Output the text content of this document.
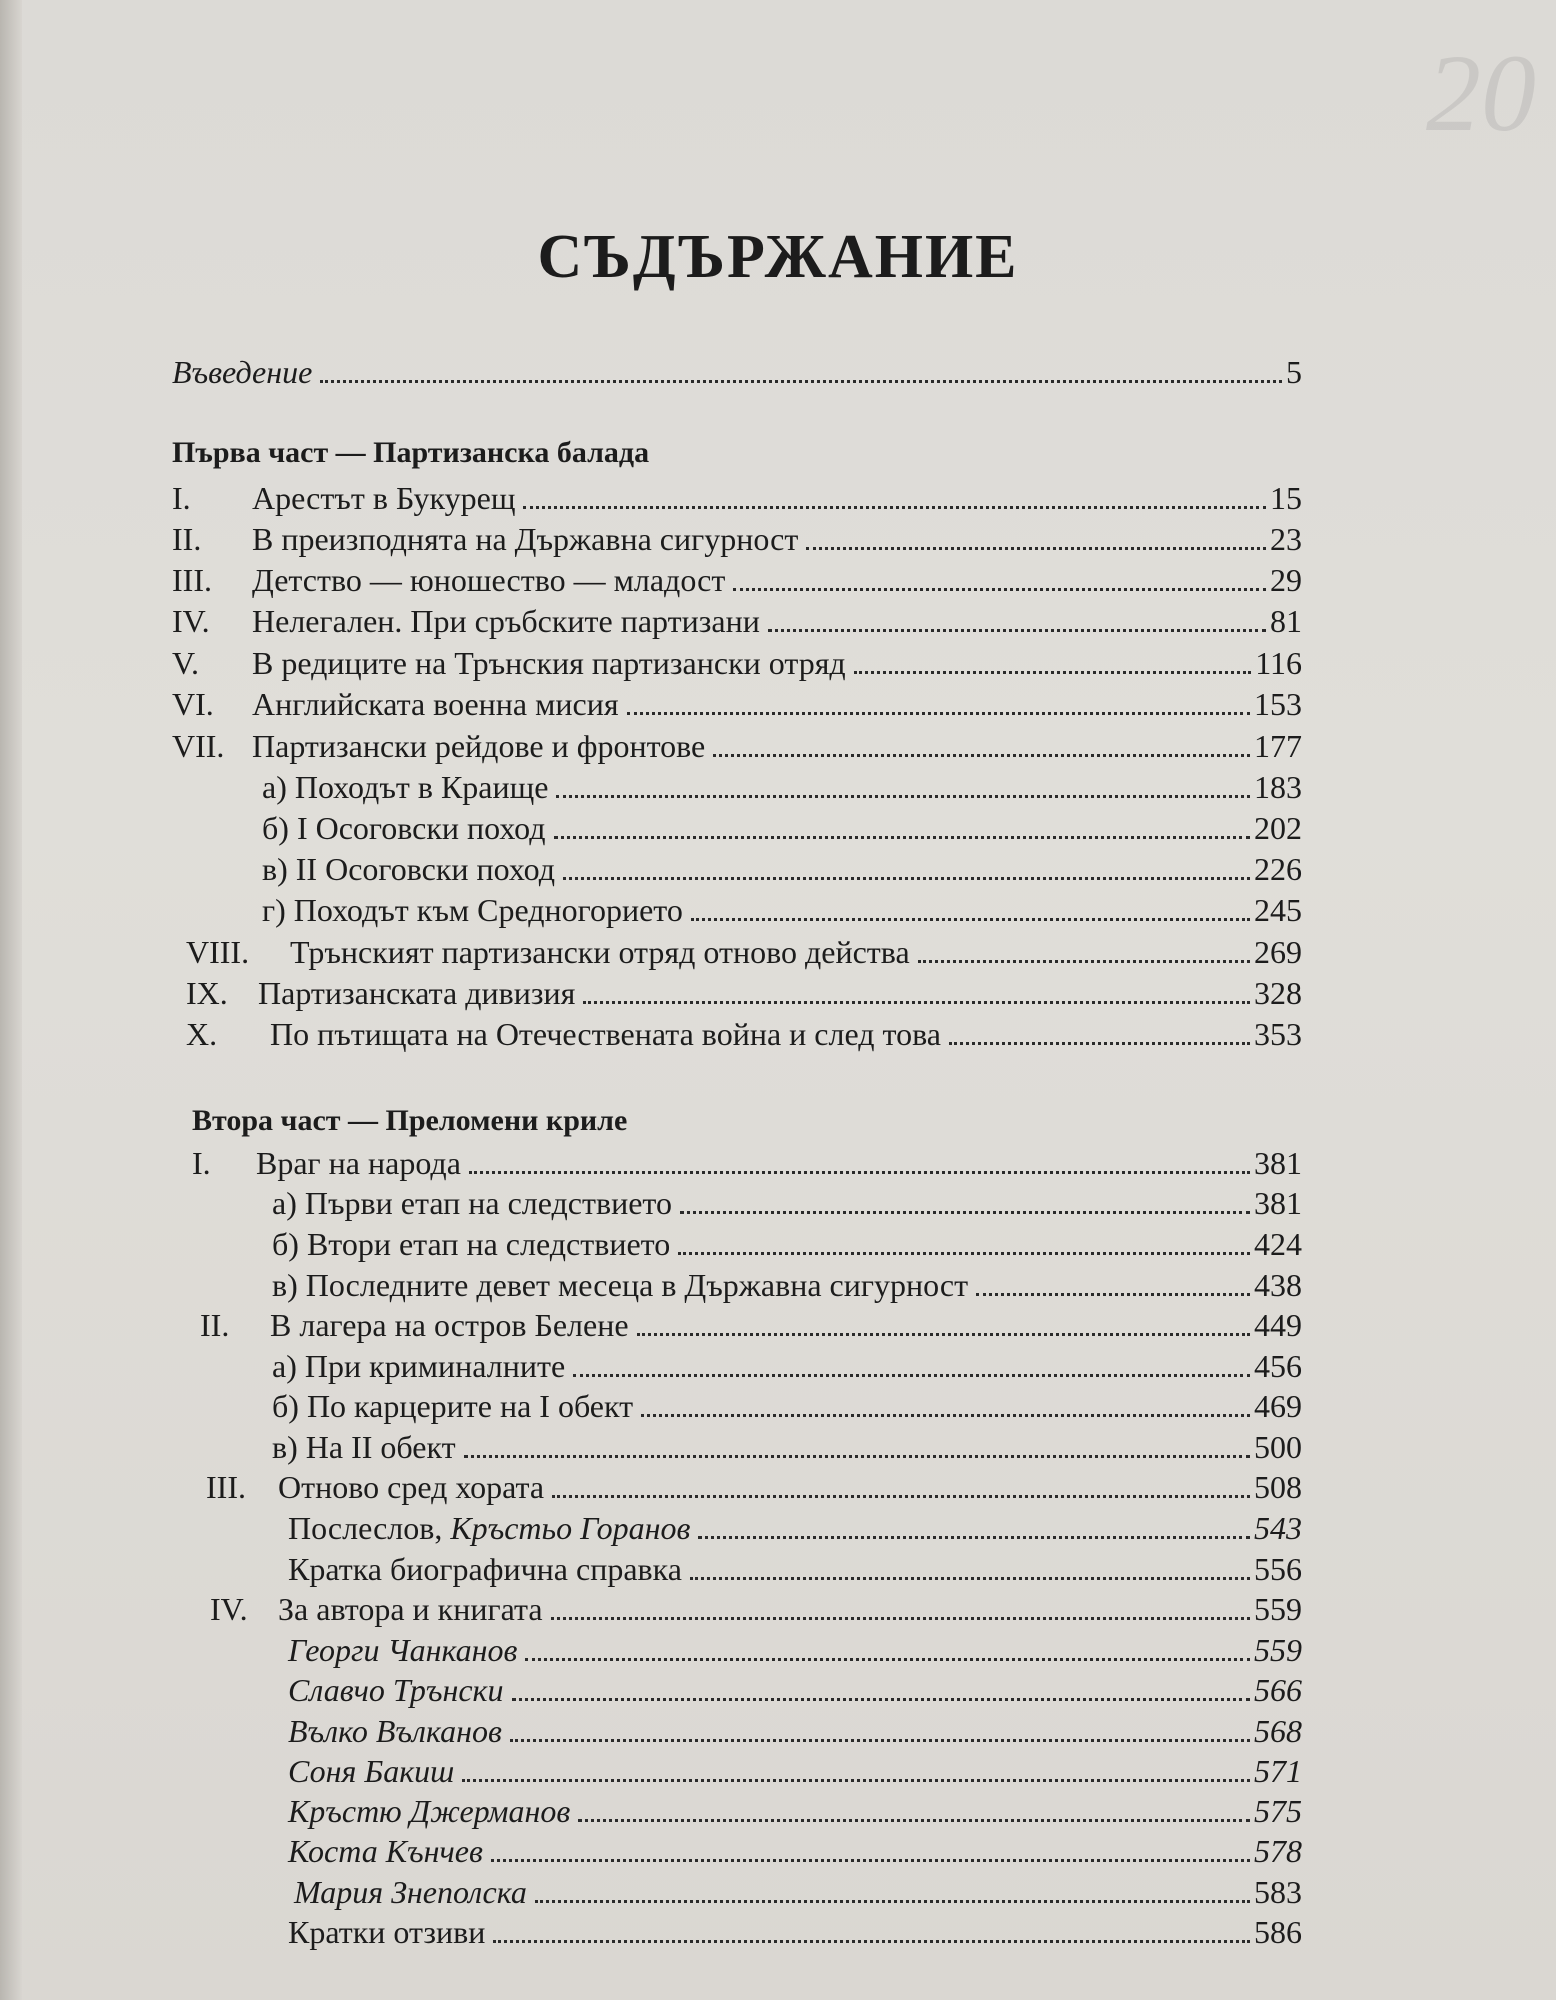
20
СЪДЪРЖАНИЕ
Въведение	5
Първа част — Партизанска балада
I.	Арестът в Букурещ	15
II.	В преизподнята на Държавна сигурност	23
III.	Детство — юношество — младост	29
IV.	Нелегален. При сръбските партизани	81
V.	В редиците на Трънския партизански отряд	116
VI.	Английската военна мисия	153
VII. Партизански рейдове и фронтове	177
а) Походът в Краище	183
б) I Осоговски поход	202
в) II Осоговски поход	226
г) Походът към Средногорието	245
VIII.	Трънският партизански отряд отново действа	269
IX. Партизанската дивизия	328
X.	По пътищата на Отечествената война и след това	353
Втора част — Преломени криле
I.	Враг на народа	381
а) Първи етап на следствието	381
б) Втори етап на следствието	424
в) Последните девет месеца в Държавна сигурност	438
II.	В лагера на остров Белене	449
а) При криминалните	456
б) По карцерите на I обект	469
в) На II обект	500
III.	Отново сред хората	508
Послеслов, Кръстьо Горанов	543
Кратка биографична справка	556
IV. За автора и книгата	559
Георги Чанканов	559
Славчо Трънски	566
Вълко Вълканов	568
Соня Бакиш	571
Кръстю Джерманов	575
Коста Кънчев	578
Мария Знеполска	583
Кратки отзиви	586
